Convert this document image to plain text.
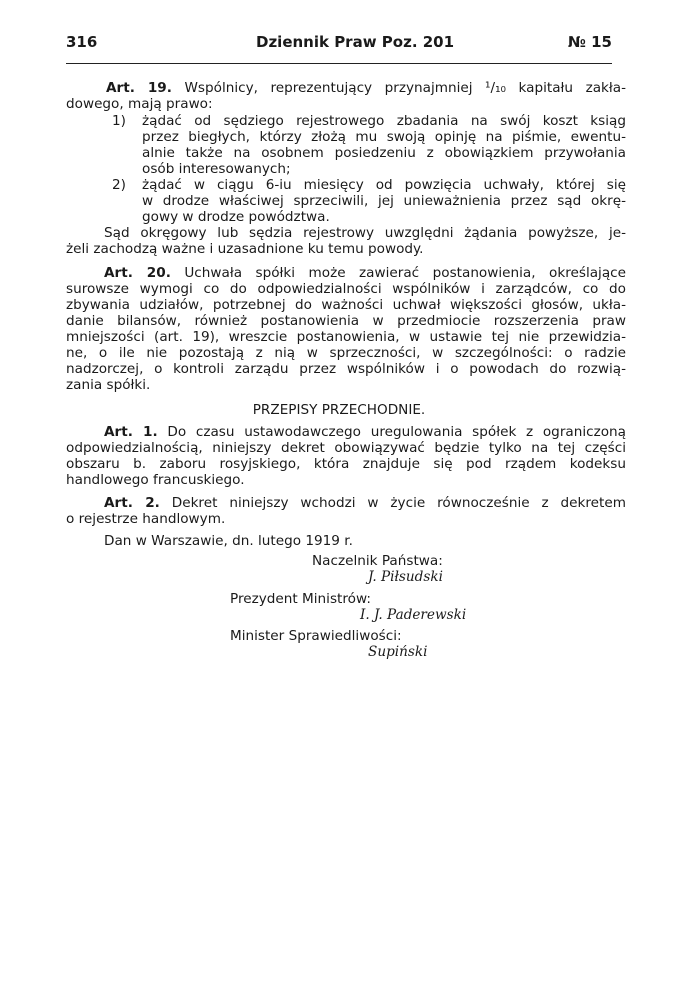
316	Dziennik Praw Poz. 201	№ 15
Art. 19. Wspólnicy, reprezentujący przynajmniej ¹/₁₀ kapitału zakła-
dowego, mają prawo:
1) żądać od sędziego rejestrowego zbadania na swój koszt ksiąg
przez biegłych, którzy złożą mu swoją opinję na piśmie, ewentu-
alnie także na osobnem posiedzeniu z obowiązkiem przywołania
osób interesowanych;
2) żądać w ciągu 6-iu miesięcy od powzięcia uchwały, której się
w drodze właściwej sprzeciwili, jej unieważnienia przez sąd okrę-
gowy w drodze powództwa.
Sąd okręgowy lub sędzia rejestrowy uwzględni żądania powyższe, je-
żeli zachodzą ważne i uzasadnione ku temu powody.
Art. 20. Uchwała spółki może zawierać postanowienia, określające
surowsze wymogi co do odpowiedzialności wspólników i zarządców, co do
zbywania udziałów, potrzebnej do ważności uchwał większości głosów, ukła-
danie bilansów, również postanowienia w przedmiocie rozszerzenia praw
mniejszości (art. 19), wreszcie postanowienia, w ustawie tej nie przewidzia-
ne, o ile nie pozostają z nią w sprzeczności, w szczególności: o radzie
nadzorczej, o kontroli zarządu przez wspólników i o powodach do rozwią-
zania spółki.
PRZEPISY PRZECHODNIE.
Art. 1. Do czasu ustawodawczego uregulowania spółek z ograniczoną
odpowiedzialnością, niniejszy dekret obowiązywać będzie tylko na tej części
obszaru b. zaboru rosyjskiego, która znajduje się pod rządem kodeksu
handlowego francuskiego.
Art. 2. Dekret niniejszy wchodzi w życie równocześnie z dekretem
o rejestrze handlowym.
Dan w Warszawie, dn. lutego 1919 r.
Naczelnik Państwa:
J. Piłsudski
Prezydent Ministrów:
I. J. Paderewski
Minister Sprawiedliwości:
Supiński
